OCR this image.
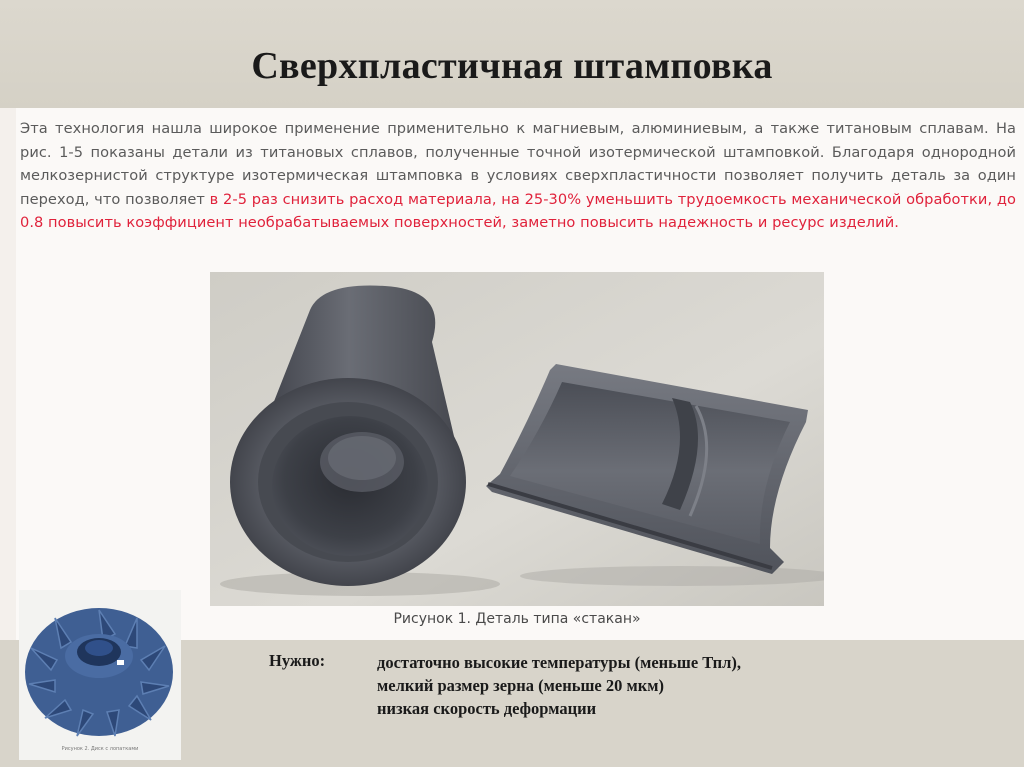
Сверхпластичная штамповка
Эта технология нашла широкое применение применительно к магниевым, алюминиевым, а также титановым сплавам. На рис. 1-5 показаны детали из титановых сплавов, полученные точной изотермической штамповкой. Благодаря однородной мелкозернистой структуре изотермическая штамповка в условиях сверхпластичности позволяет получить деталь за один переход, что позволяет в 2-5 раз снизить расход материала, на 25-30% уменьшить трудоемкость механической обработки, до 0.8 повысить коэффициент необрабатываемых поверхностей, заметно повысить надежность и ресурс изделий.
Рисунок 1. Деталь типа «стакан»
Рисунок 2. Диск с лопатками
Нужно:	достаточно высокие температуры (меньше Тпл),
мелкий размер зерна (меньше 20 мкм)
низкая скорость деформации
